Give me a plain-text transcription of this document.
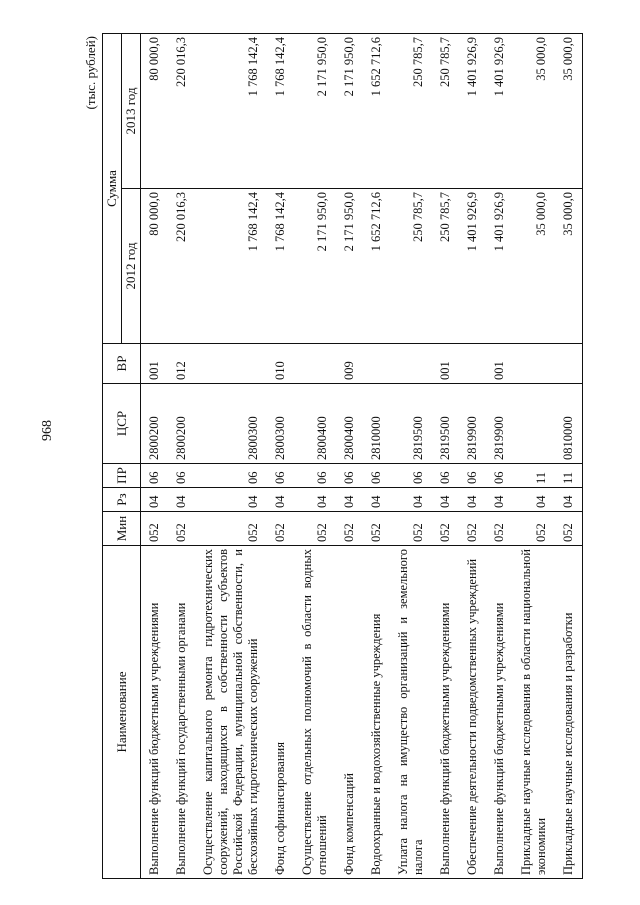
968
(тыс. рублей)
Наименование	Мин	Рз	ПР	ЦСР	ВР	Сумма	
						2012 год	2013 год
Выполнение функций бюджетными учреждениями	052	04	06	2800200	001	80 000,0	80 000,0
Выполнение функций государственными органами	052	04	06	2800200	012	220 016,3	220 016,3
Осуществление капитального ремонта гидротехнических сооружений, находящихся в собственности субъектов Российской Федерации, муниципальной собственности, и бесхозяйных гидротехнических сооружений	052	04	06	2800300		1 768 142,4	1 768 142,4
Фонд софинансирования	052	04	06	2800300	010	1 768 142,4	1 768 142,4
Осуществление отдельных полномочий в области водных отношений	052	04	06	2800400		2 171 950,0	2 171 950,0
Фонд компенсаций	052	04	06	2800400	009	2 171 950,0	2 171 950,0
Водоохранные и водохозяйственные учреждения	052	04	06	2810000		1 652 712,6	1 652 712,6
Уплата налога на имущество организаций и земельного налога	052	04	06	2819500		250 785,7	250 785,7
Выполнение функций бюджетными учреждениями	052	04	06	2819500	001	250 785,7	250 785,7
Обеспечение деятельности подведомственных учреждений	052	04	06	2819900		1 401 926,9	1 401 926,9
Выполнение функций бюджетными учреждениями	052	04	06	2819900	001	1 401 926,9	1 401 926,9
Прикладные научные исследования в области национальной экономики	052	04	11			35 000,0	35 000,0
Прикладные научные исследования и разработки	052	04	11	0810000		35 000,0	35 000,0
